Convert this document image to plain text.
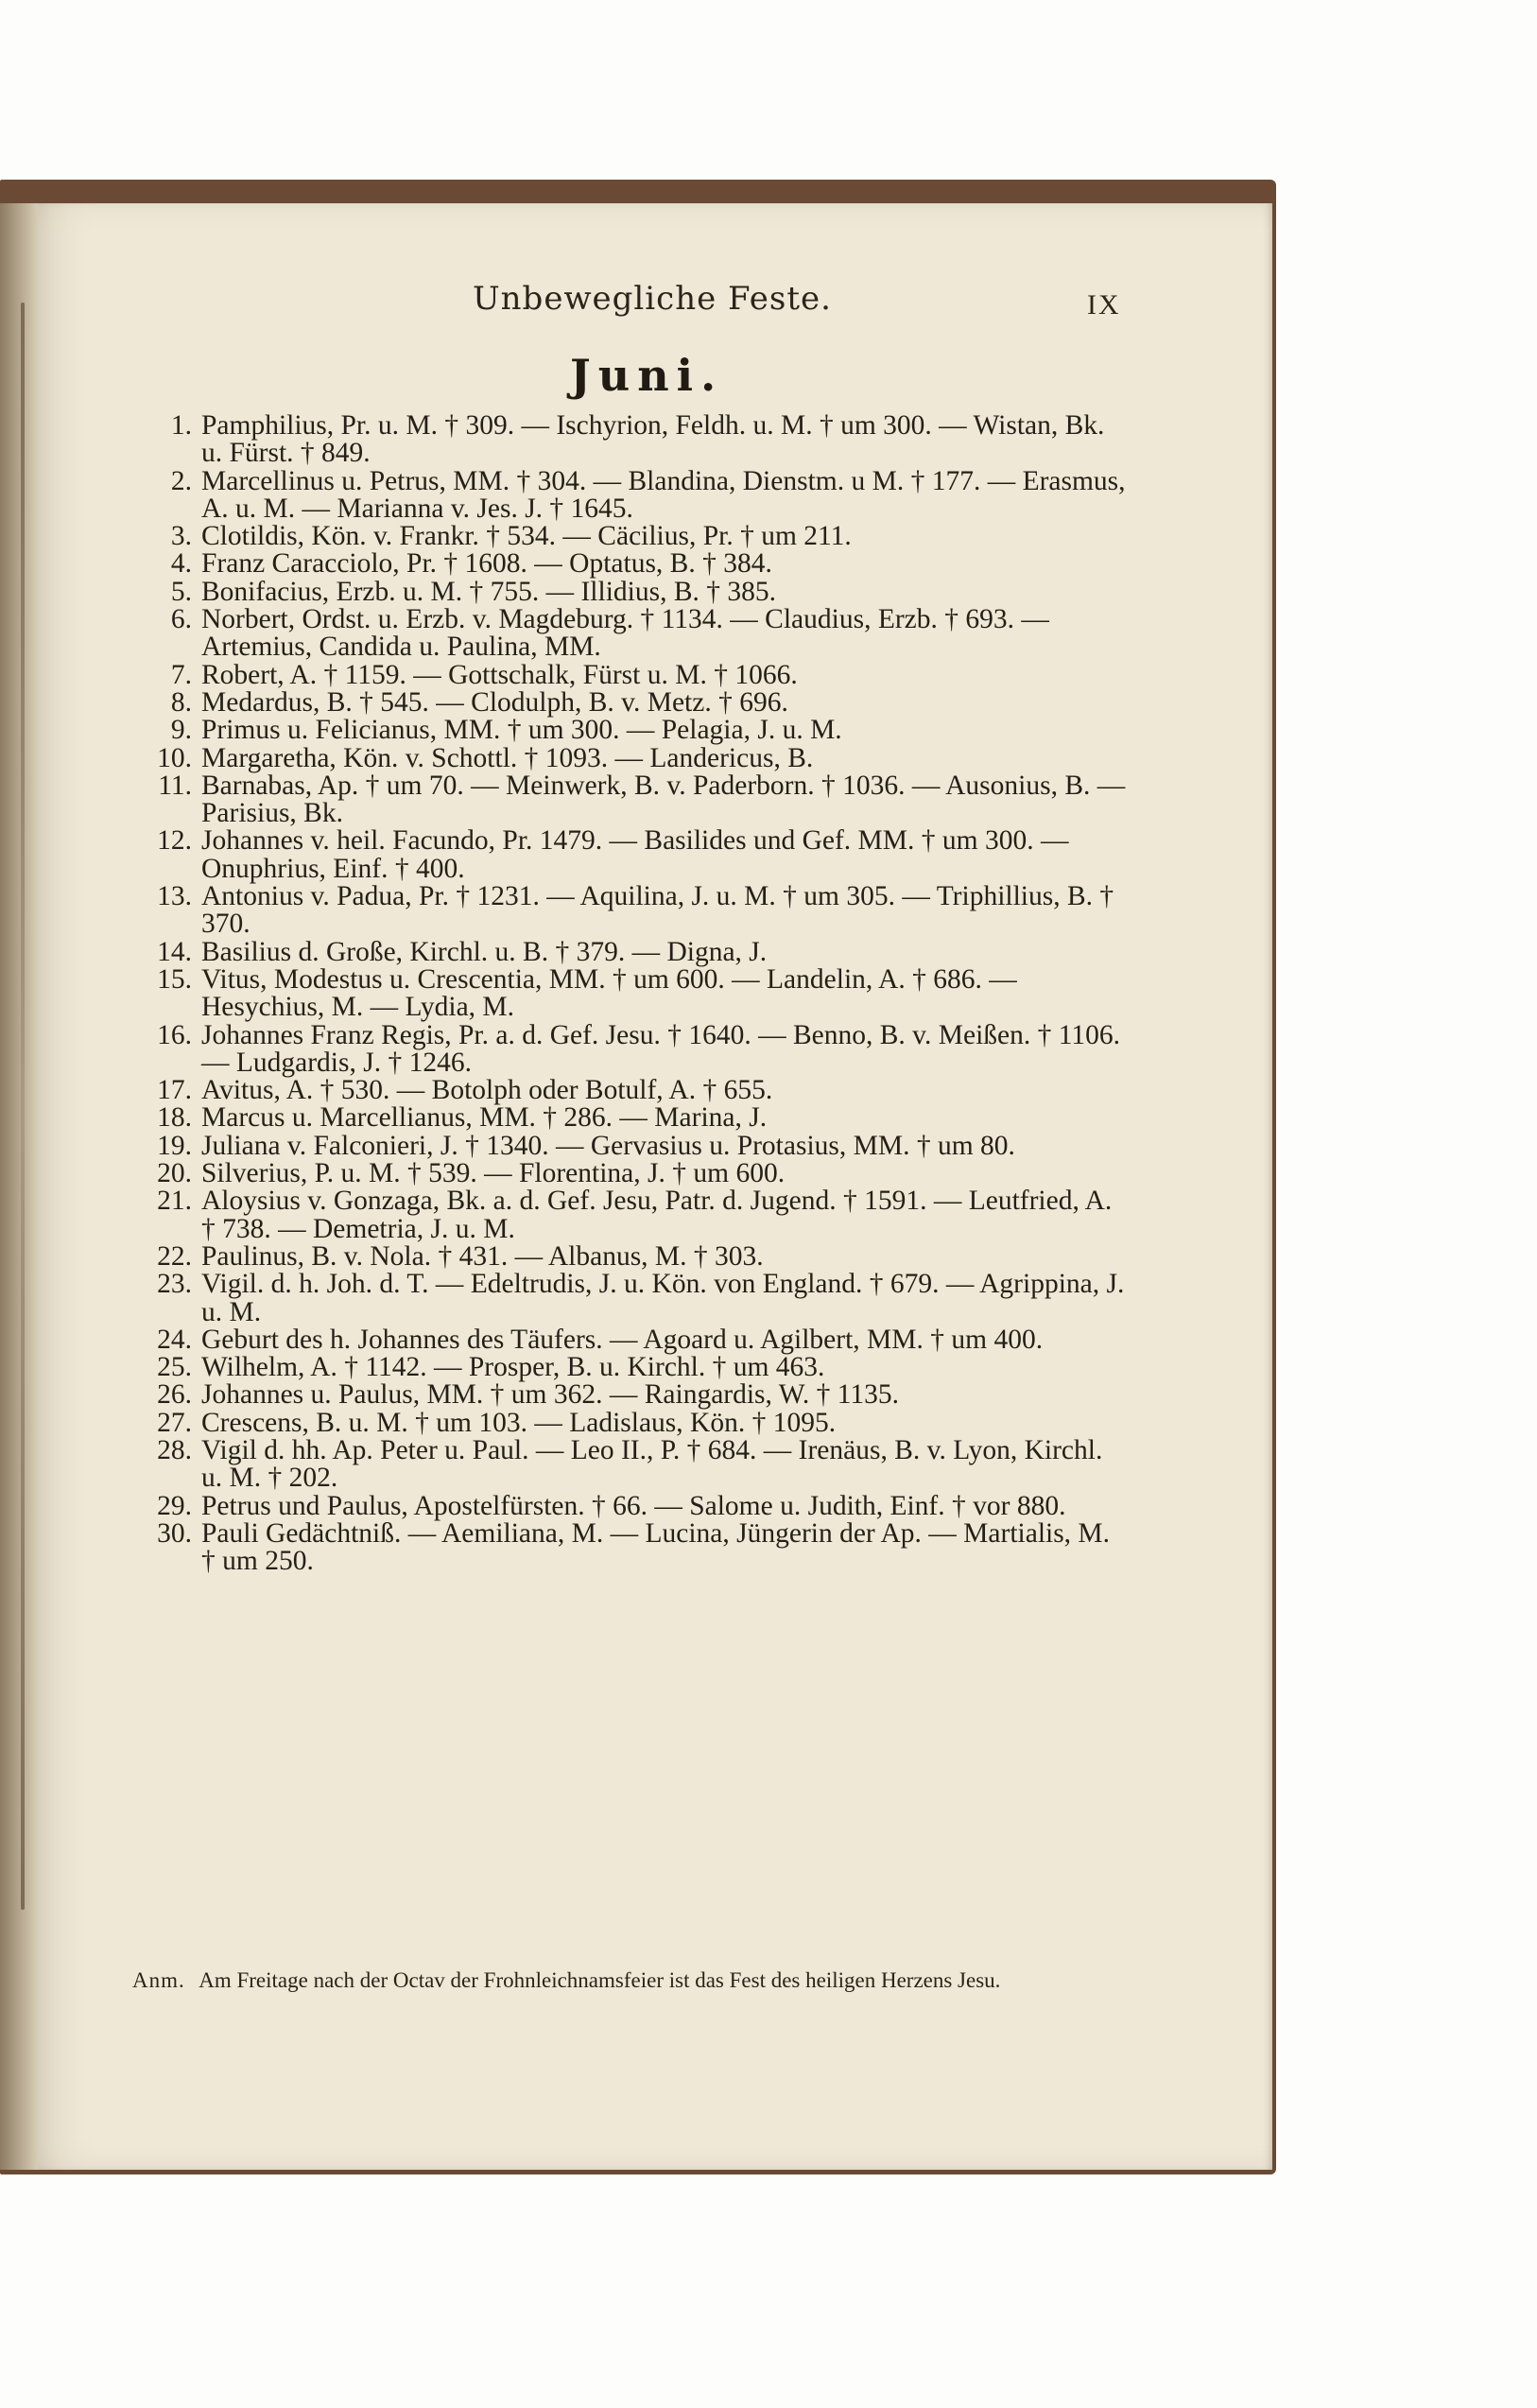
Unbewegliche Feste.	IX
Juni.
1. Pamphilius, Pr. u. M. † 309. — Ischyrion, Feldh. u. M. † um 300. — Wistan, Bk. u. Fürst. † 849.
2. Marcellinus u. Petrus, MM. † 304. — Blandina, Dienstm. u M. † 177. — Erasmus, A. u. M. — Marianna v. Jes. J. † 1645.
3. Clotildis, Kön. v. Frankr. † 534. — Cäcilius, Pr. † um 211.
4. Franz Caracciolo, Pr. † 1608. — Optatus, B. † 384.
5. Bonifacius, Erzb. u. M. † 755. — Illidius, B. † 385.
6. Norbert, Ordst. u. Erzb. v. Magdeburg. † 1134. — Claudius, Erzb. † 693. — Artemius, Candida u. Paulina, MM.
7. Robert, A. † 1159. — Gottschalk, Fürst u. M. † 1066.
8. Medardus, B. † 545. — Clodulph, B. v. Metz. † 696.
9. Primus u. Felicianus, MM. † um 300. — Pelagia, J. u. M.
10. Margaretha, Kön. v. Schottl. † 1093. — Landericus, B.
11. Barnabas, Ap. † um 70. — Meinwerk, B. v. Paderborn. † 1036. — Ausonius, B. — Parisius, Bk.
12. Johannes v. heil. Facundo, Pr. 1479. — Basilides und Gef. MM. † um 300. — Onuphrius, Einf. † 400.
13. Antonius v. Padua, Pr. † 1231. — Aquilina, J. u. M. † um 305. — Triphillius, B. † 370.
14. Basilius d. Große, Kirchl. u. B. † 379. — Digna, J.
15. Vitus, Modestus u. Crescentia, MM. † um 600. — Landelin, A. † 686. — Hesychius, M. — Lydia, M.
16. Johannes Franz Regis, Pr. a. d. Gef. Jesu. † 1640. — Benno, B. v. Meißen. † 1106. — Ludgardis, J. † 1246.
17. Avitus, A. † 530. — Botolph oder Botulf, A. † 655.
18. Marcus u. Marcellianus, MM. † 286. — Marina, J.
19. Juliana v. Falconieri, J. † 1340. — Gervasius u. Protasius, MM. † um 80.
20. Silverius, P. u. M. † 539. — Florentina, J. † um 600.
21. Aloysius v. Gonzaga, Bk. a. d. Gef. Jesu, Patr. d. Jugend. † 1591. — Leutfried, A. † 738. — Demetria, J. u. M.
22. Paulinus, B. v. Nola. † 431. — Albanus, M. † 303.
23. Vigil. d. h. Joh. d. T. — Edeltrudis, J. u. Kön. von England. † 679. — Agrippina, J. u. M.
24. Geburt des h. Johannes des Täufers. — Agoard u. Agilbert, MM. † um 400.
25. Wilhelm, A. † 1142. — Prosper, B. u. Kirchl. † um 463.
26. Johannes u. Paulus, MM. † um 362. — Raingardis, W. † 1135.
27. Crescens, B. u. M. † um 103. — Ladislaus, Kön. † 1095.
28. Vigil d. hh. Ap. Peter u. Paul. — Leo II., P. † 684. — Irenäus, B. v. Lyon, Kirchl. u. M. † 202.
29. Petrus und Paulus, Apostelfürsten. † 66. — Salome u. Judith, Einf. † vor 880.
30. Pauli Gedächtniß. — Aemiliana, M. — Lucina, Jüngerin der Ap. — Martialis, M. † um 250.
Anm. Am Freitage nach der Octav der Frohnleichnamsfeier ist das Fest des heiligen Herzens Jesu.
